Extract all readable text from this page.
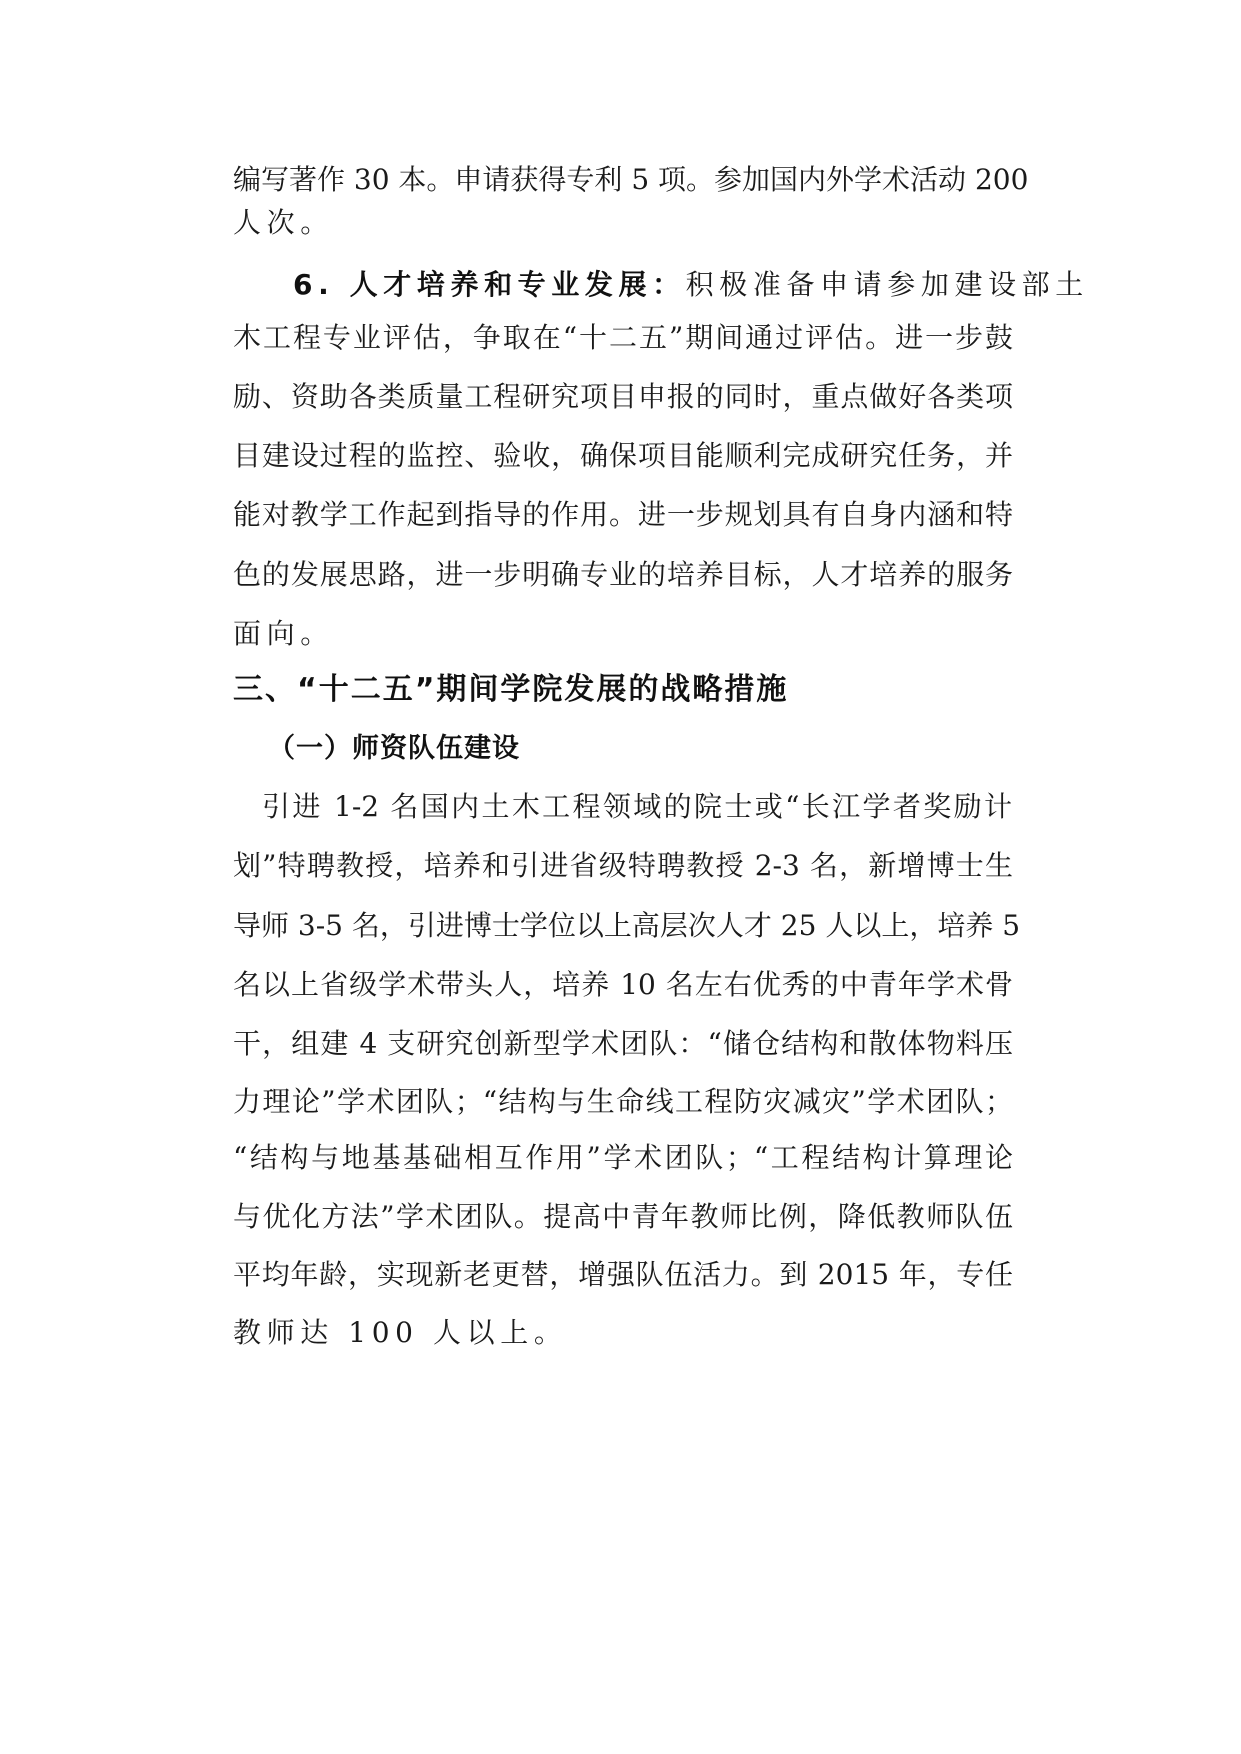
编写著作 30 本。申请获得专利 5 项。参加国内外学术活动 200
人次。
6. 人才培养和专业发展：积极准备申请参加建设部土
木工程专业评估，争取在“十二五”期间通过评估。进一步鼓
励、资助各类质量工程研究项目申报的同时，重点做好各类项
目建设过程的监控、验收，确保项目能顺利完成研究任务，并
能对教学工作起到指导的作用。进一步规划具有自身内涵和特
色的发展思路，进一步明确专业的培养目标，人才培养的服务
面向。
三、“十二五”期间学院发展的战略措施
（一）师资队伍建设
引进 1-2 名国内土木工程领域的院士或“长江学者奖励计
划”特聘教授，培养和引进省级特聘教授 2-3 名，新增博士生
导师 3-5 名，引进博士学位以上高层次人才 25 人以上，培养 5
名以上省级学术带头人，培养 10 名左右优秀的中青年学术骨
干，组建 4 支研究创新型学术团队：“储仓结构和散体物料压
力理论”学术团队；“结构与生命线工程防灾减灾”学术团队；
“结构与地基基础相互作用”学术团队；“工程结构计算理论
与优化方法”学术团队。提高中青年教师比例，降低教师队伍
平均年龄，实现新老更替，增强队伍活力。到 2015 年，专任
教师达 100 人以上。
